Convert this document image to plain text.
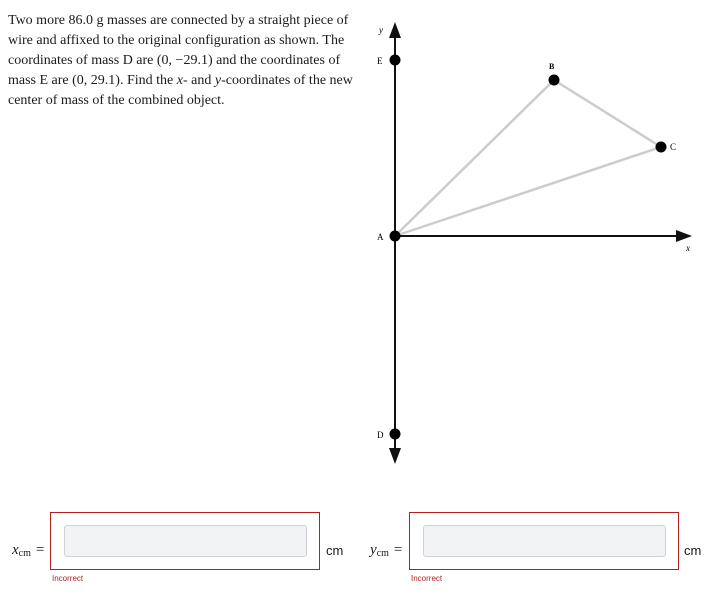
Two more 86.0 g masses are connected by a straight piece of wire and affixed to the original configuration as shown. The coordinates of mass D are (0, −29.1) and the coordinates of mass E are (0, 29.1). Find the x- and y-coordinates of the new center of mass of the combined object.
x
y
E
B
C
A
D
$x_{cm}$ =	cm
Incorrect
$y_{cm}$ =	cm
Incorrect
